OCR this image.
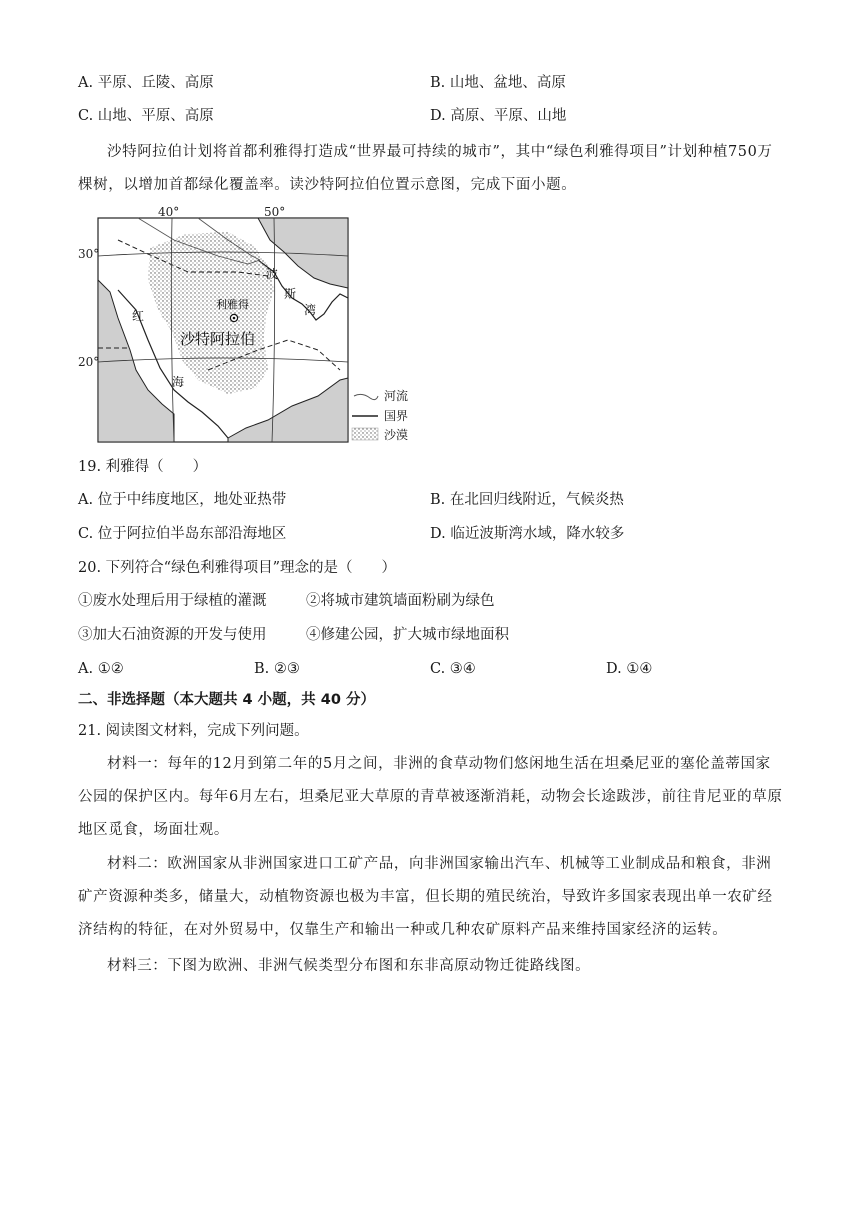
A. 平原、丘陵、高原	B. 山地、盆地、高原
C. 山地、平原、高原	D. 高原、平原、山地
沙特阿拉伯计划将首都利雅得打造成“世界最可持续的城市”，其中“绿色利雅得项目”计划种植750万棵树，以增加首都绿化覆盖率。读沙特阿拉伯位置示意图，完成下面小题。
40°	50°
30°
20°
利雅得
沙特阿拉伯
红
海
波
斯
湾
河流
国界
沙漠
19. 利雅得（　　）
A. 位于中纬度地区，地处亚热带	B. 在北回归线附近，气候炎热
C. 位于阿拉伯半岛东部沿海地区	D. 临近波斯湾水域，降水较多
20. 下列符合“绿色利雅得项目”理念的是（　　）
①废水处理后用于绿植的灌溉	②将城市建筑墙面粉刷为绿色
③加大石油资源的开发与使用	④修建公园，扩大城市绿地面积
A. ①②	B. ②③	C. ③④	D. ①④
二、非选择题（本大题共 4 小题，共 40 分）
21. 阅读图文材料，完成下列问题。
材料一：每年的12月到第二年的5月之间，非洲的食草动物们悠闲地生活在坦桑尼亚的塞伦盖蒂国家公园的保护区内。每年6月左右，坦桑尼亚大草原的青草被逐渐消耗，动物会长途跋涉，前往肯尼亚的草原地区觅食，场面壮观。
材料二：欧洲国家从非洲国家进口工矿产品，向非洲国家输出汽车、机械等工业制成品和粮食，非洲矿产资源种类多，储量大，动植物资源也极为丰富，但长期的殖民统治，导致许多国家表现出单一农矿经济结构的特征，在对外贸易中，仅靠生产和输出一种或几种农矿原料产品来维持国家经济的运转。
材料三：下图为欧洲、非洲气候类型分布图和东非高原动物迁徙路线图。
